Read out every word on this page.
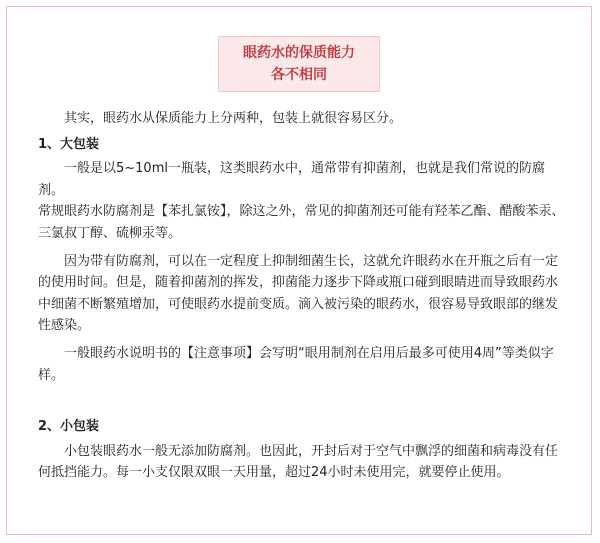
眼药水的保质能力
各不相同

其实，眼药水从保质能力上分两种，包装上就很容易区分。

1、大包装

一般是以5~10ml一瓶装，这类眼药水中，通常带有抑菌剂，也就是我们常说的防腐剂。

常规眼药水防腐剂是【苯扎氯铵】，除这之外，常见的抑菌剂还可能有羟苯乙酯、醋酸苯汞、三氯叔丁醇、硫柳汞等。

因为带有防腐剂，可以在一定程度上抑制细菌生长，这就允许眼药水在开瓶之后有一定的使用时间。但是，随着抑菌剂的挥发，抑菌能力逐步下降或瓶口碰到眼睛进而导致眼药水中细菌不断繁殖增加，可使眼药水提前变质。滴入被污染的眼药水，很容易导致眼部的继发性感染。

一般眼药水说明书的【注意事项】会写明“眼用制剂在启用后最多可使用4周”等类似字样。

2、小包装

小包装眼药水一般无添加防腐剂。也因此，开封后对于空气中飘浮的细菌和病毒没有任何抵挡能力。每一小支仅限双眼一天用量，超过24小时未使用完，就要停止使用。
